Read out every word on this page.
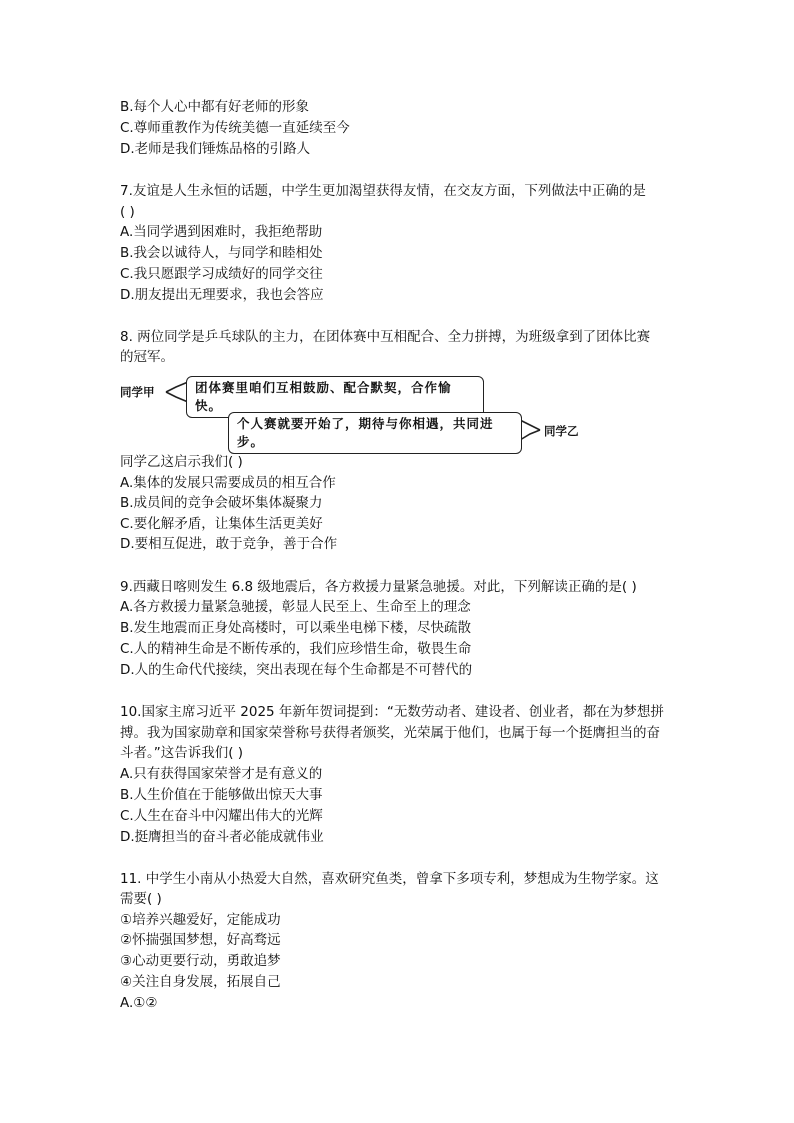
B.每个人心中都有好老师的形象
C.尊师重教作为传统美德一直延续至今
D.老师是我们锤炼品格的引路人
7.友谊是人生永恒的话题，中学生更加渴望获得友情，在交友方面，下列做法中正确的是
( )
A.当同学遇到困难时，我拒绝帮助
B.我会以诚待人，与同学和睦相处
C.我只愿跟学习成绩好的同学交往
D.朋友提出无理要求，我也会答应
8. 两位同学是乒乓球队的主力，在团体赛中互相配合、全力拼搏，为班级拿到了团体比赛
的冠军。
同学甲	团体赛里咱们互相鼓励、配合默契，合作愉快。
个人赛就要开始了，期待与你相遇，共同进步。
同学乙
同学乙这启示我们( )
A.集体的发展只需要成员的相互合作
B.成员间的竞争会破坏集体凝聚力
C.要化解矛盾，让集体生活更美好
D.要相互促进，敢于竞争，善于合作
9.西藏日喀则发生 6.8 级地震后，各方救援力量紧急驰援。对此，下列解读正确的是( )
A.各方救援力量紧急驰援，彰显人民至上、生命至上的理念
B.发生地震而正身处高楼时，可以乘坐电梯下楼，尽快疏散
C.人的精神生命是不断传承的，我们应珍惜生命，敬畏生命
D.人的生命代代接续，突出表现在每个生命都是不可替代的
10.国家主席习近平 2025 年新年贺词提到：“无数劳动者、建设者、创业者，都在为梦想拼
搏。我为国家勋章和国家荣誉称号获得者颁奖，光荣属于他们，也属于每一个挺膺担当的奋
斗者。”这告诉我们( )
A.只有获得国家荣誉才是有意义的
B.人生价值在于能够做出惊天大事
C.人生在奋斗中闪耀出伟大的光辉
D.挺膺担当的奋斗者必能成就伟业
11. 中学生小南从小热爱大自然，喜欢研究鱼类，曾拿下多项专利，梦想成为生物学家。这
需要( )
①培养兴趣爱好，定能成功
②怀揣强国梦想，好高骛远
③心动更要行动，勇敢追梦
④关注自身发展，拓展自己
A.①②
